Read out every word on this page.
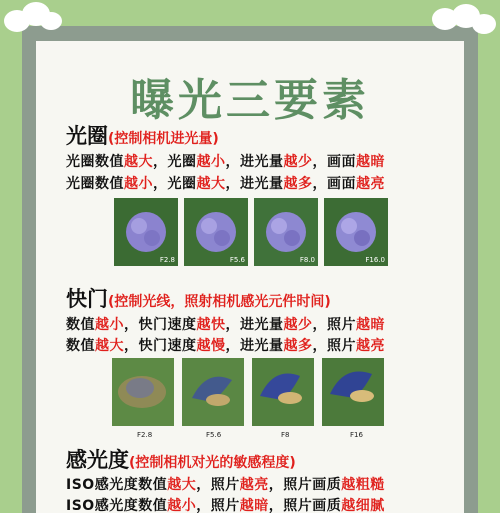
曝光三要素
光圈(控制相机进光量)
光圈数值越大，光圈越小，进光量越少，画面越暗
光圈数值越小，光圈越大，进光量越多，画面越亮
F2.8	F5.6	F8.0	F16.0
快门(控制光线，照射相机感光元件时间)
数值越小，快门速度越快，进光量越少，照片越暗
数值越大，快门速度越慢，进光量越多，照片越亮
F2.8	F5.6	F8	F16
感光度(控制相机对光的敏感程度)
ISO感光度数值越大，照片越亮，照片画质越粗糙
ISO感光度数值越小，照片越暗，照片画质越细腻
